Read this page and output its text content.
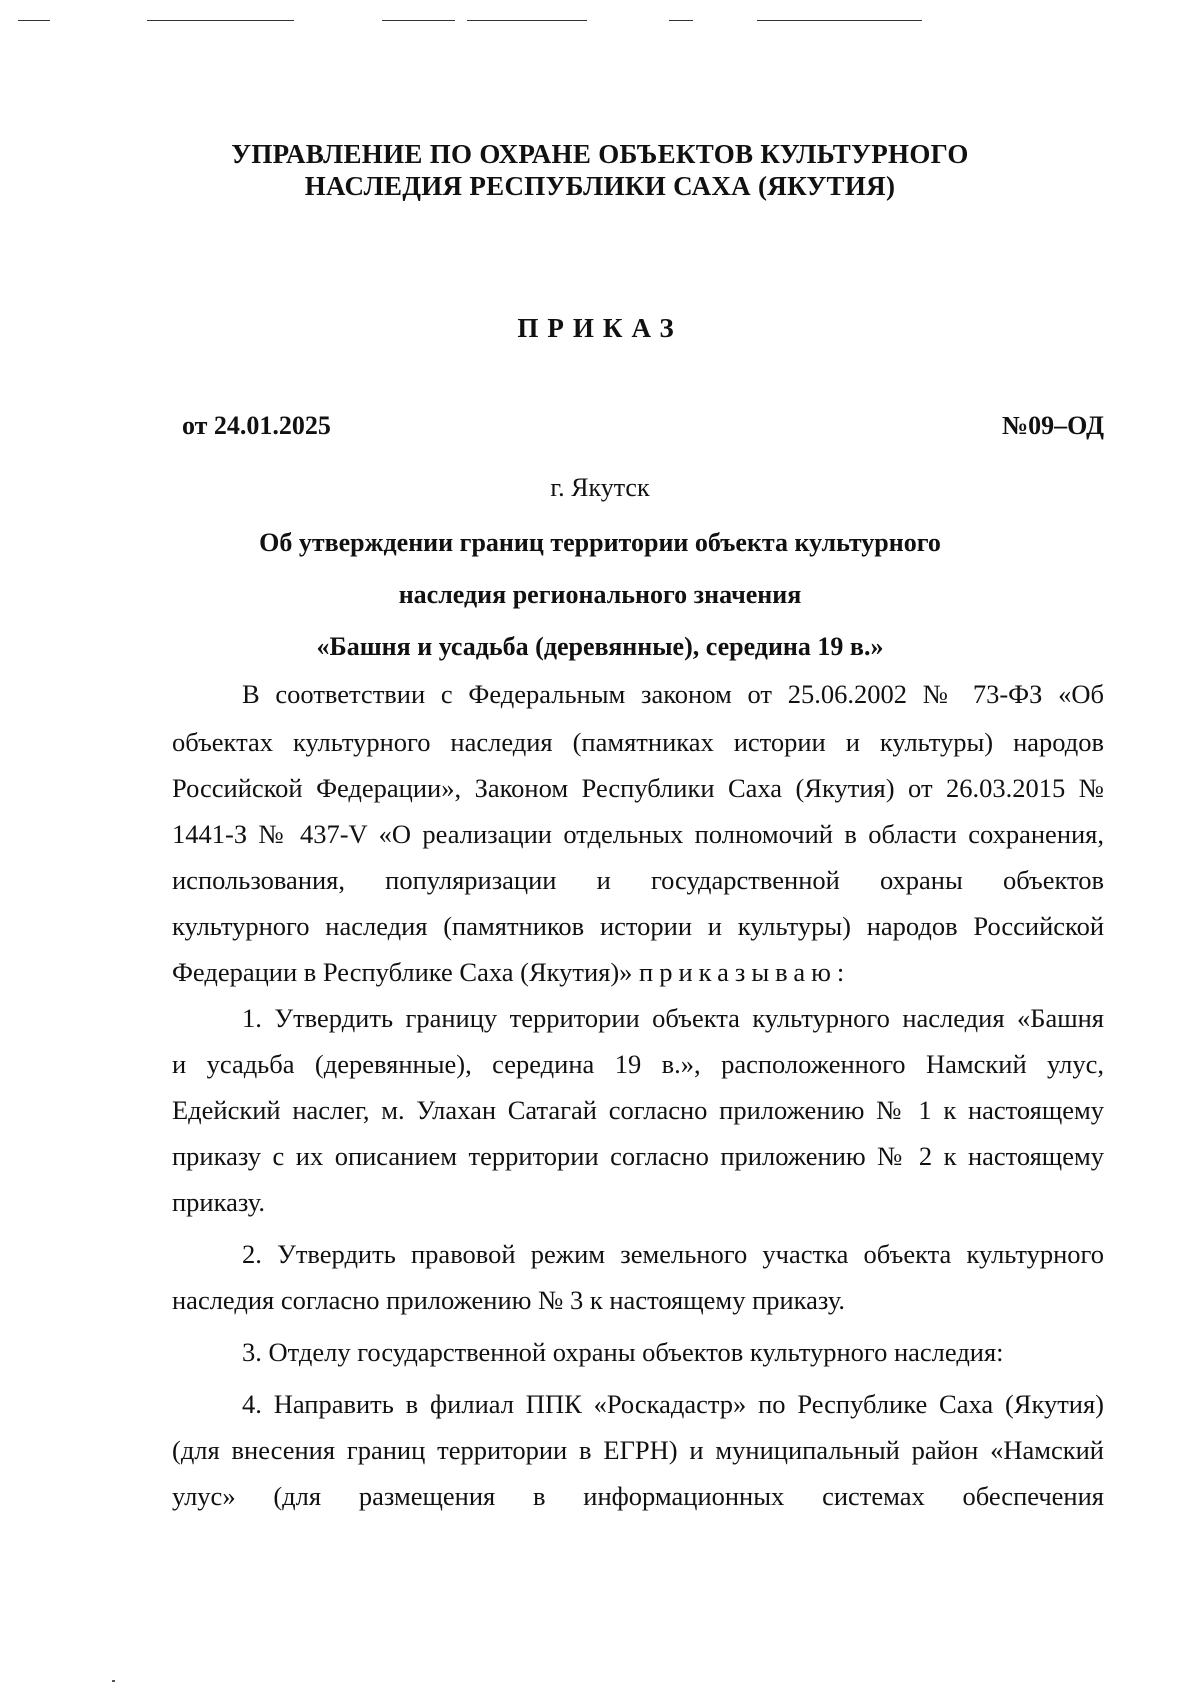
УПРАВЛЕНИЕ ПО ОХРАНЕ ОБЪЕКТОВ КУЛЬТУРНОГО
НАСЛЕДИЯ РЕСПУБЛИКИ САХА (ЯКУТИЯ)
ПРИКАЗ
от 24.01.2025	№09–ОД
г. Якутск
Об утверждении границ территории объекта культурного
наследия регионального значения
«Башня и усадьба (деревянные), середина 19 в.»
В соответствии с Федеральным законом от 25.06.2002 № 73-ФЗ «Об
объектах культурного наследия (памятниках истории и культуры) народов
Российской Федерации», Законом Республики Саха (Якутия) от 26.03.2015 №
1441-З № 437-V «О реализации отдельных полномочий в области сохранения,
использования, популяризации и государственной охраны объектов
культурного наследия (памятников истории и культуры) народов Российской
Федерации в Республике Саха (Якутия)» приказываю:
1. Утвердить границу территории объекта культурного наследия «Башня
и усадьба (деревянные), середина 19 в.», расположенного Намский улус,
Едейский наслег, м. Улахан Сатагай согласно приложению № 1 к настоящему
приказу с их описанием территории согласно приложению № 2 к настоящему
приказу.
2. Утвердить правовой режим земельного участка объекта культурного
наследия согласно приложению № 3 к настоящему приказу.
3. Отделу государственной охраны объектов культурного наследия:
4. Направить в филиал ППК «Роскадастр» по Республике Саха (Якутия)
(для внесения границ территории в ЕГРН) и муниципальный район «Намский
улус» (для размещения в информационных системах обеспечения
